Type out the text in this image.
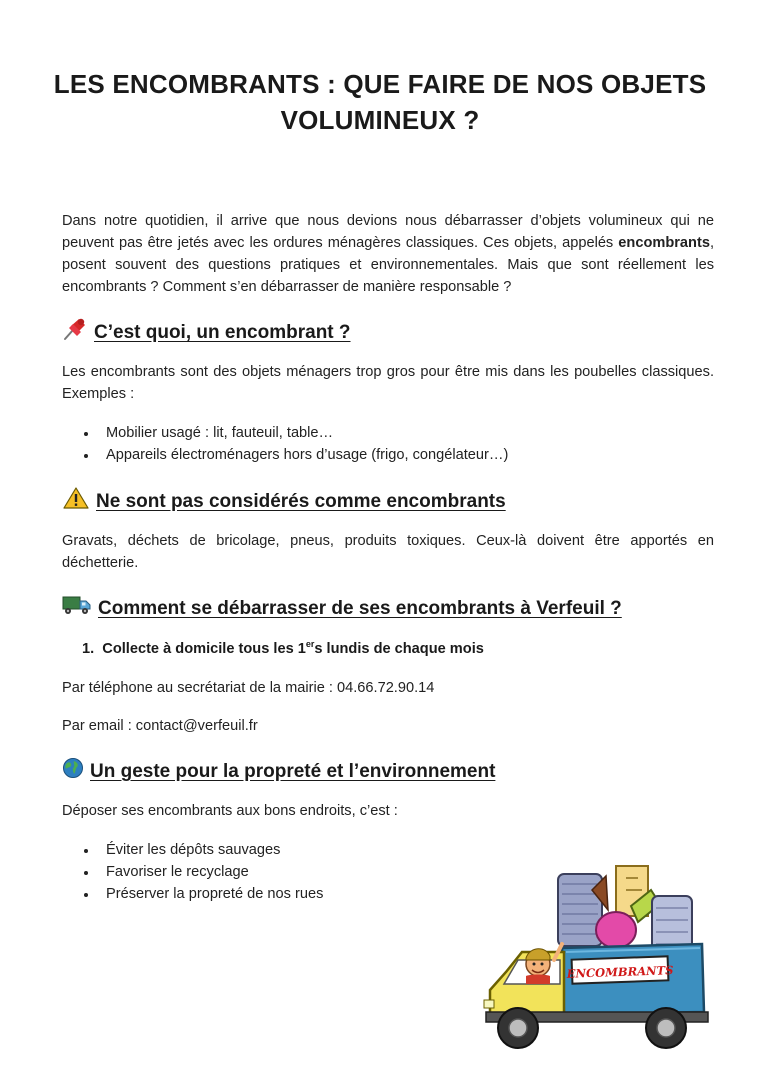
LES ENCOMBRANTS : QUE FAIRE DE NOS OBJETS VOLUMINEUX ?

Dans notre quotidien, il arrive que nous devions nous débarrasser d’objets volumineux qui ne peuvent pas être jetés avec les ordures ménagères classiques. Ces objets, appelés encombrants, posent souvent des questions pratiques et environnementales. Mais que sont réellement les encombrants ? Comment s’en débarrasser de manière responsable ?

C’est quoi, un encombrant ?

Les encombrants sont des objets ménagers trop gros pour être mis dans les poubelles classiques. Exemples :

Mobilier usagé : lit, fauteuil, table…
Appareils électroménagers hors d’usage (frigo, congélateur…)
Ne sont pas considérés comme encombrants

Gravats, déchets de bricolage, pneus, produits toxiques. Ceux-là doivent être apportés en déchetterie.

Comment se débarrasser de ses encombrants à Verfeuil ?

1.  Collecte à domicile tous les 1ers lundis de chaque mois

Par téléphone au secrétariat de la mairie : 04.66.72.90.14

Par email : contact@verfeuil.fr

Un geste pour la propreté et l’environnement

Déposer ses encombrants aux bons endroits, c’est :

Éviter les dépôts sauvages
Favoriser le recyclage
Préserver la propreté de nos rues
ENCOMBRANTS
